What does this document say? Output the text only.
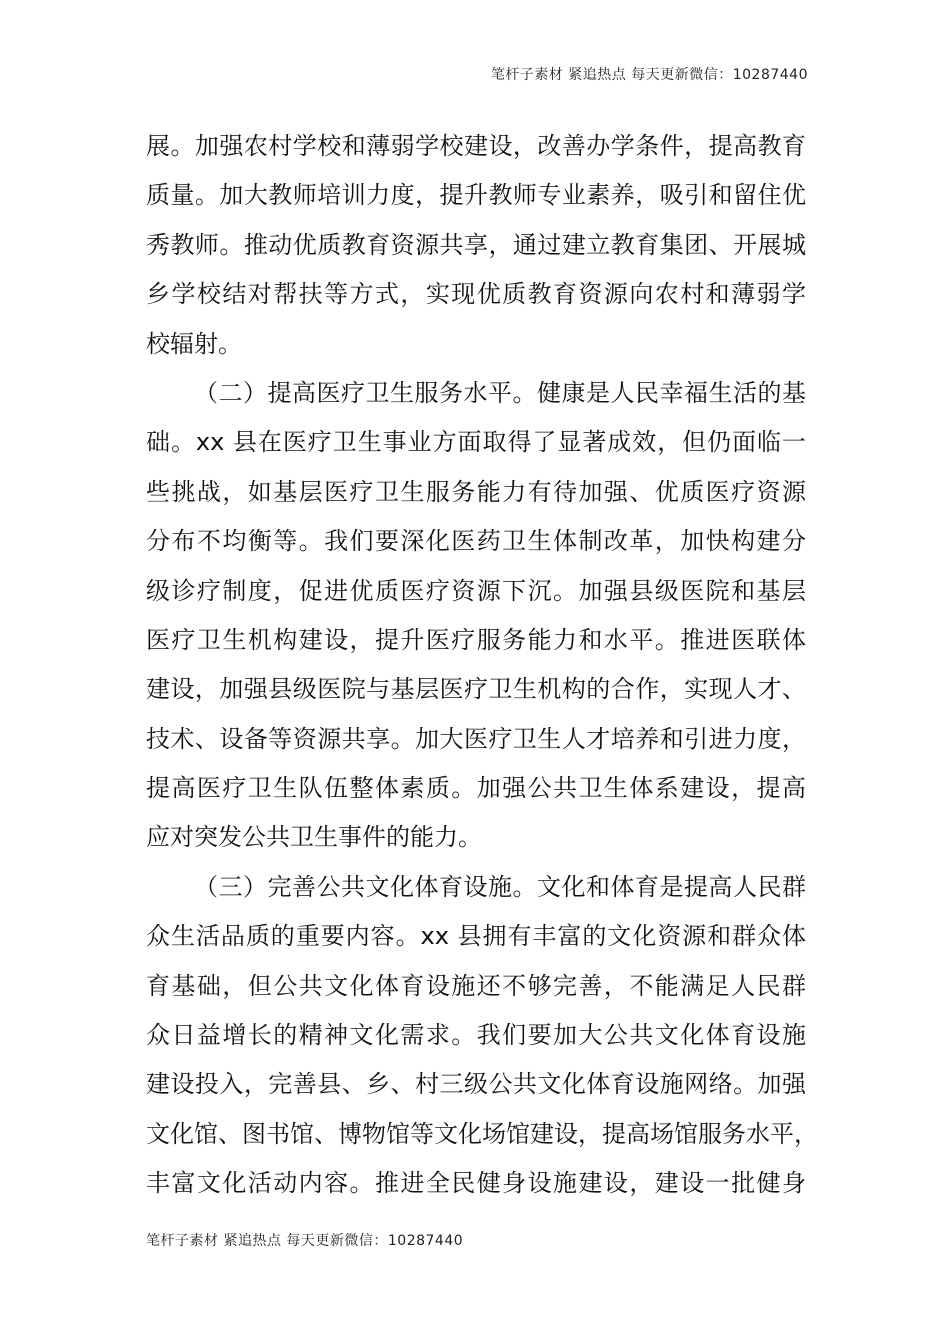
笔杆子素材 紧追热点 每天更新微信：10287440
展。加强农村学校和薄弱学校建设，改善办学条件，提高教育
质量。加大教师培训力度，提升教师专业素养，吸引和留住优
秀教师。推动优质教育资源共享，通过建立教育集团、开展城
乡学校结对帮扶等方式，实现优质教育资源向农村和薄弱学
校辐射。
（二）提高医疗卫生服务水平。健康是人民幸福生活的基
础。xx 县在医疗卫生事业方面取得了显著成效，但仍面临一
些挑战，如基层医疗卫生服务能力有待加强、优质医疗资源
分布不均衡等。我们要深化医药卫生体制改革，加快构建分
级诊疗制度，促进优质医疗资源下沉。加强县级医院和基层
医疗卫生机构建设，提升医疗服务能力和水平。推进医联体
建设，加强县级医院与基层医疗卫生机构的合作，实现人才、
技术、设备等资源共享。加大医疗卫生人才培养和引进力度，
提高医疗卫生队伍整体素质。加强公共卫生体系建设，提高
应对突发公共卫生事件的能力。
（三）完善公共文化体育设施。文化和体育是提高人民群
众生活品质的重要内容。xx 县拥有丰富的文化资源和群众体
育基础，但公共文化体育设施还不够完善，不能满足人民群
众日益增长的精神文化需求。我们要加大公共文化体育设施
建设投入，完善县、乡、村三级公共文化体育设施网络。加强
文化馆、图书馆、博物馆等文化场馆建设，提高场馆服务水平，
丰富文化活动内容。推进全民健身设施建设，建设一批健身
笔杆子素材 紧追热点 每天更新微信：10287440
